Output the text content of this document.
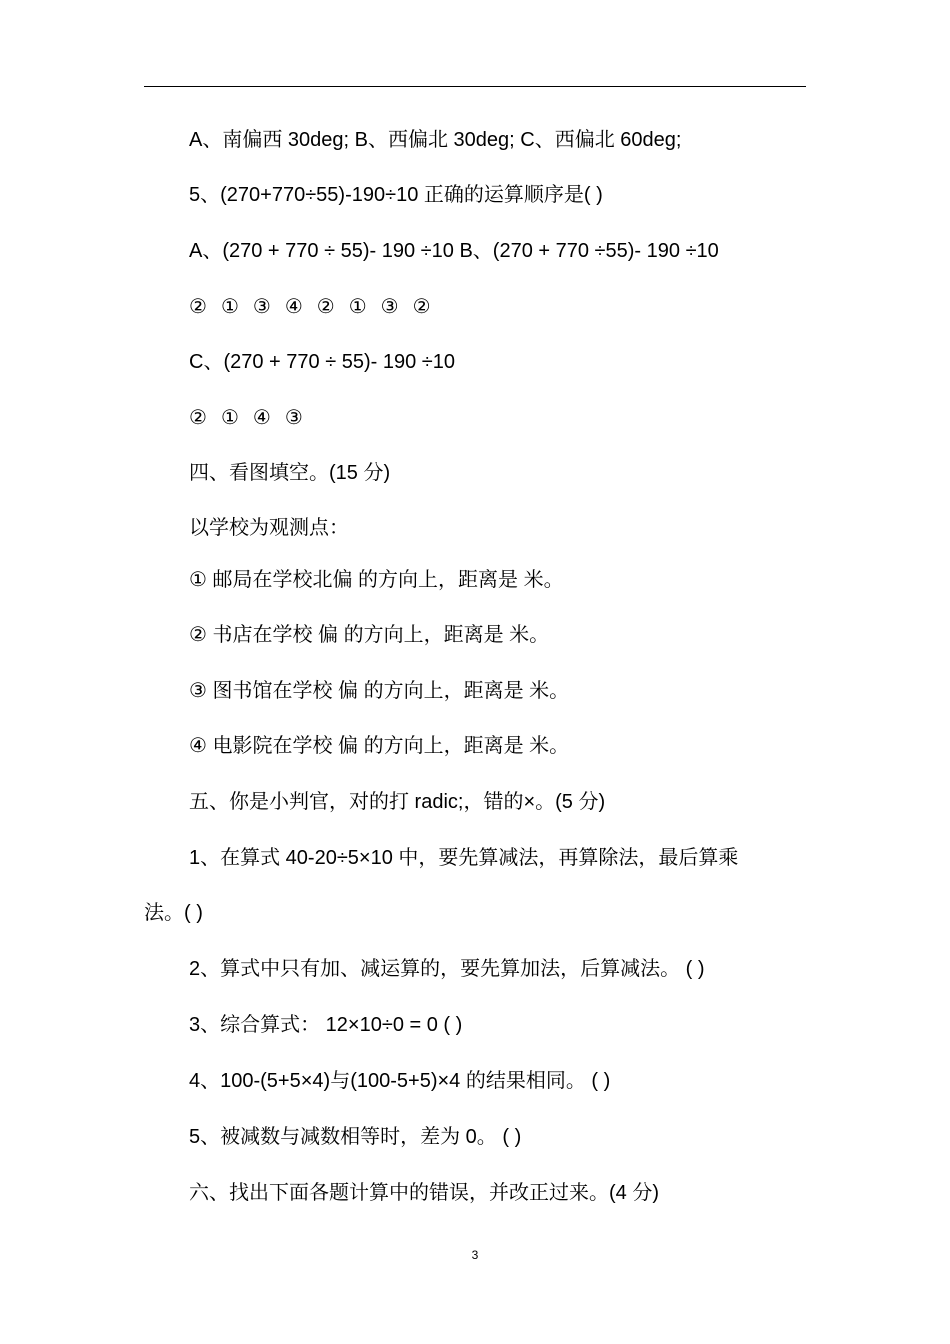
A、南偏西 30deg; B、西偏北 30deg; C、西偏北 60deg;
5、(270+770÷55)-190÷10 正确的运算顺序是( )
A、(270 + 770 ÷ 55)- 190 ÷10 B、(270 + 770 ÷55)- 190 ÷10
② ① ③ ④ ② ① ③ ②
C、(270 + 770 ÷ 55)- 190 ÷10
② ① ④ ③
四、看图填空。(15 分)
以学校为观测点：
① 邮局在学校北偏 的方向上，距离是 米。
② 书店在学校 偏 的方向上，距离是 米。
③ 图书馆在学校 偏 的方向上，距离是 米。
④ 电影院在学校 偏 的方向上，距离是 米。
五、你是小判官，对的打 radic;，错的×。(5 分)
1、在算式 40-20÷5×10 中，要先算减法，再算除法，最后算乘
法。( )
2、算式中只有加、减运算的，要先算加法，后算减法。 ( )
3、综合算式： 12×10÷0 = 0 ( )
4、100-(5+5×4)与(100-5+5)×4 的结果相同。 ( )
5、被减数与减数相等时，差为 0。 ( )
六、找出下面各题计算中的错误，并改正过来。(4 分)
3
